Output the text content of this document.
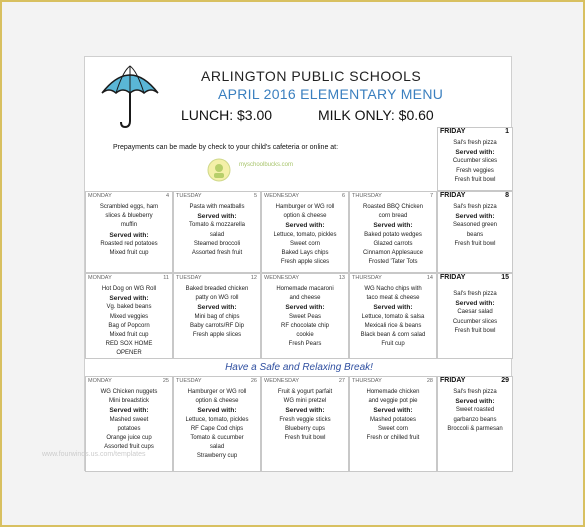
ARLINGTON PUBLIC SCHOOLS
APRIL 2016 ELEMENTARY MENU
LUNCH: $3.00	MILK ONLY: $0.60
Prepayments can be made by check to your child's cafeteria or online at:
myschoolbucks.com
FRIDAY	1
Sal's fresh pizza
Served with:
Cucumber slices
Fresh veggies
Fresh fruit bowl
MONDAY	4
Scrambled eggs, ham
slices & blueberry
muffin
Served with:
Roasted red potatoes
Mixed fruit cup
TUESDAY	5
Pasta with meatballs
Served with:
Tomato & mozzarella
salad
Steamed broccoli
Assorted fresh fruit
WEDNESDAY	6
Hamburger or WG roll
option & cheese
Served with:
Lettuce, tomato, pickles
Sweet corn
Baked Lays chips
Fresh apple slices
THURSDAY	7
Roasted BBQ Chicken
corn bread
Served with:
Baked potato wedges
Glazed carrots
Cinnamon Applesauce
Frosted 'Tater Tots
FRIDAY	8
Sal's fresh pizza
Served with:
Seasoned green
beans
Fresh fruit bowl
MONDAY	11
Hot Dog on WG Roll
Served with:
Vg. baked beans
Mixed veggies
Bag of Popcorn
Mixed fruit cup
RED SOX HOME
OPENER
TUESDAY	12
Baked breaded chicken
patty on WG roll
Served with:
Mini bag of chips
Baby carrots/RF Dip
Fresh apple slices
WEDNESDAY	13
Homemade macaroni
and cheese
Served with:
Sweet Peas
RF chocolate chip
cookie
Fresh Pears
THURSDAY	14
WG Nacho chips with
taco meat & cheese
Served with:
Lettuce, tomato & salsa
Mexicali rice & beans
Black bean & corn salad
Fruit cup
FRIDAY	15
Sal's fresh pizza
Served with:
Caesar salad
Cucumber slices
Fresh fruit bowl
Have a Safe and Relaxing Break!
MONDAY	25
WG Chicken nuggets
Mini breadstick
Served with:
Mashed sweet
potatoes
Orange juice cup
Assorted fruit cups
TUESDAY	26
Hamburger or WG roll
option & cheese
Served with:
Lettuce, tomato, pickles
RF Cape Cod chips
Tomato & cucumber
salad
Strawberry cup
WEDNESDAY	27
Fruit & yogurt parfait
WG mini pretzel
Served with:
Fresh veggie sticks
Blueberry cups
Fresh fruit bowl
THURSDAY	28
Homemade chicken
and veggie pot pie
Served with:
Mashed potatoes
Sweet corn
Fresh or chilled fruit
FRIDAY	29
Sal's fresh pizza
Served with:
Sweet roasted
garbanzo beans
Broccoli & parmesan
www.fourwinds.us.com/templates
